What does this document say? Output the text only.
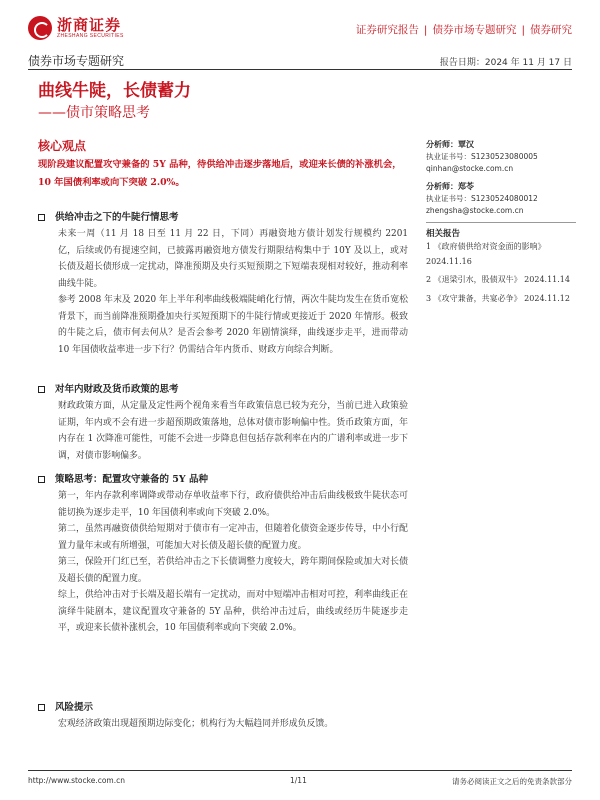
浙商证券
ZHESHANG SECURITIES	证券研究报告 | 债券市场专题研究 | 债券研究
债券市场专题研究	报告日期：2024 年 11 月 17 日
曲线牛陡，长债蓄力
——债市策略思考
核心观点
现阶段建议配置攻守兼备的 5Y 品种，待供给冲击逐步落地后，或迎来长债的补涨机会，10 年国债利率或向下突破 2.0%。
供给冲击之下的牛陡行情思考

未来一周（11 月 18 日至 11 月 22 日，下同）再融资地方债计划发行规模约 2201 亿，后续或仍有提速空间，已披露再融资地方债发行期限结构集中于 10Y 及以上，或对长债及超长债形成一定扰动，降准预期及央行买短预期之下短端表现相对较好，推动利率曲线牛陡。

参考 2008 年末及 2020 年上半年利率曲线极端陡峭化行情，两次牛陡均发生在货币宽松背景下，而当前降准预期叠加央行买短预期下的牛陡行情或更接近于 2020 年情形。极致的牛陡之后，债市何去何从？是否会参考 2020 年剧情演绎，曲线逐步走平，进而带动 10 年国债收益率进一步下行？仍需结合年内货币、财政方向综合判断。

对年内财政及货币政策的思考

财政政策方面，从定量及定性两个视角来看当年政策信息已较为充分，当前已进入政策验证期，年内或不会有进一步超预期政策落地，总体对债市影响偏中性。货币政策方面，年内存在 1 次降准可能性，可能不会进一步降息但包括存款利率在内的广谱利率或进一步下调，对债市影响偏多。

策略思考：配置攻守兼备的 5Y 品种

第一，年内存款利率调降或带动存单收益率下行，政府债供给冲击后曲线极致牛陡状态可能切换为逐步走平，10 年国债利率或向下突破 2.0%。

第二，虽然再融资债供给短期对于债市有一定冲击，但随着化债资金逐步传导，中小行配置力量年末或有所增强，可能加大对长债及超长债的配置力度。

第三，保险开门红已至，若供给冲击之下长债调整力度较大，跨年期间保险或加大对长债及超长债的配置力度。

综上，供给冲击对于长端及超长端有一定扰动，而对中短端冲击相对可控，利率曲线正在演绎牛陡剧本，建议配置攻守兼备的 5Y 品种，供给冲击过后，曲线或经历牛陡逐步走平，或迎来长债补涨机会，10 年国债利率或向下突破 2.0%。

风险提示

宏观经济政策出现超预期边际变化；机构行为大幅趋同并形成负反馈。

分析师：覃汉
执业证书号：S1230523080005
qinhan@stocke.com.cn
分析师：郑苓
执业证书号：S1230524080012
zhengsha@stocke.com.cn
相关报告
1 《政府债供给对资金面的影响》 2024.11.16
2 《退梁引水，股债双牛》 2024.11.14
3 《攻守兼备，共宴必争》 2024.11.12
http://www.stocke.com.cn	1/11	请务必阅读正文之后的免责条款部分
